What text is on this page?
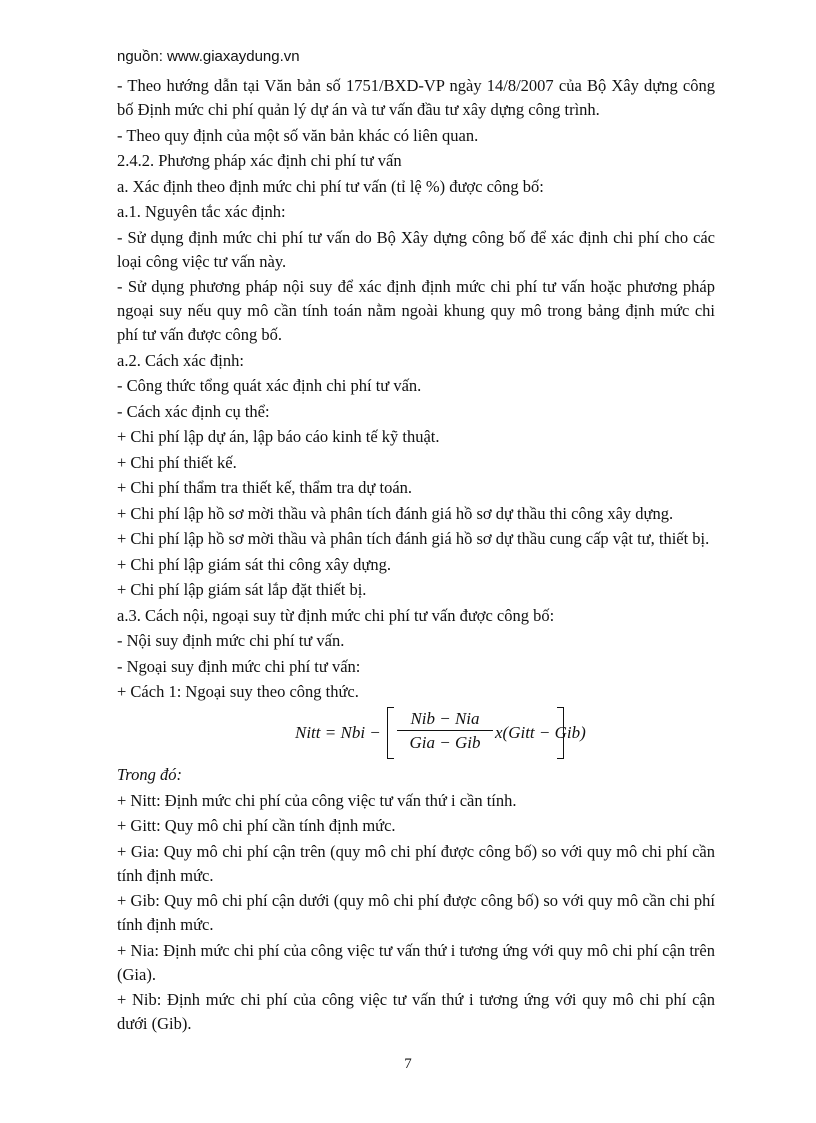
nguồn: www.giaxaydung.vn

- Theo hướng dẫn tại Văn bản số 1751/BXD-VP ngày 14/8/2007 của Bộ Xây dựng công bố Định mức chi phí quản lý dự án và tư vấn đầu tư xây dựng công trình.

- Theo quy định của một số văn bản khác có liên quan.

2.4.2. Phương pháp xác định chi phí tư vấn

a. Xác định theo định mức chi phí tư vấn (tỉ lệ %) được công bố:

a.1. Nguyên tắc xác định:

- Sử dụng định mức chi phí tư vấn do Bộ Xây dựng công bố để xác định chi phí cho các loại công việc tư vấn này.

- Sử dụng phương pháp nội suy để xác định định mức chi phí tư vấn hoặc phương pháp ngoại suy nếu quy mô cần tính toán nằm ngoài khung quy mô trong bảng định mức chi phí tư vấn được công bố.

a.2. Cách xác định:

- Công thức tổng quát xác định chi phí tư vấn.

- Cách xác định cụ thể:

+ Chi phí lập dự án, lập báo cáo kinh tế kỹ thuật.

+ Chi phí thiết kế.

+ Chi phí thẩm tra thiết kế, thẩm tra dự toán.

+ Chi phí lập hồ sơ mời thầu và phân tích đánh giá hồ sơ dự thầu thi công xây dựng.

+ Chi phí lập hồ sơ mời thầu và phân tích đánh giá hồ sơ dự thầu cung cấp vật tư, thiết bị.

+ Chi phí lập giám sát thi công xây dựng.

+ Chi phí lập giám sát lắp đặt thiết bị.

a.3. Cách nội, ngoại suy từ định mức chi phí tư vấn được công bố:

- Nội suy định mức chi phí tư vấn.

- Ngoại suy định mức chi phí tư vấn:

+ Cách 1: Ngoại suy theo công thức.

Nitt = Nbi −
Nib − Nia
Gia − Gib
x(Gitt − Gib)

Trong đó:

+ Nitt: Định mức chi phí của công việc tư vấn thứ i cần tính.

+ Gitt: Quy mô chi phí cần tính định mức.

+ Gia: Quy mô chi phí cận trên (quy mô chi phí được công bố) so với quy mô chi phí cần tính định mức.

+ Gib: Quy mô chi phí cận dưới (quy mô chi phí được công bố) so với quy mô cần chi phí tính định mức.

+ Nia: Định mức chi phí của công việc tư vấn thứ i tương ứng với quy mô chi phí cận trên (Gia).

+ Nib: Định mức chi phí của công việc tư vấn thứ i tương ứng với quy mô chi phí cận dưới (Gib).

7
